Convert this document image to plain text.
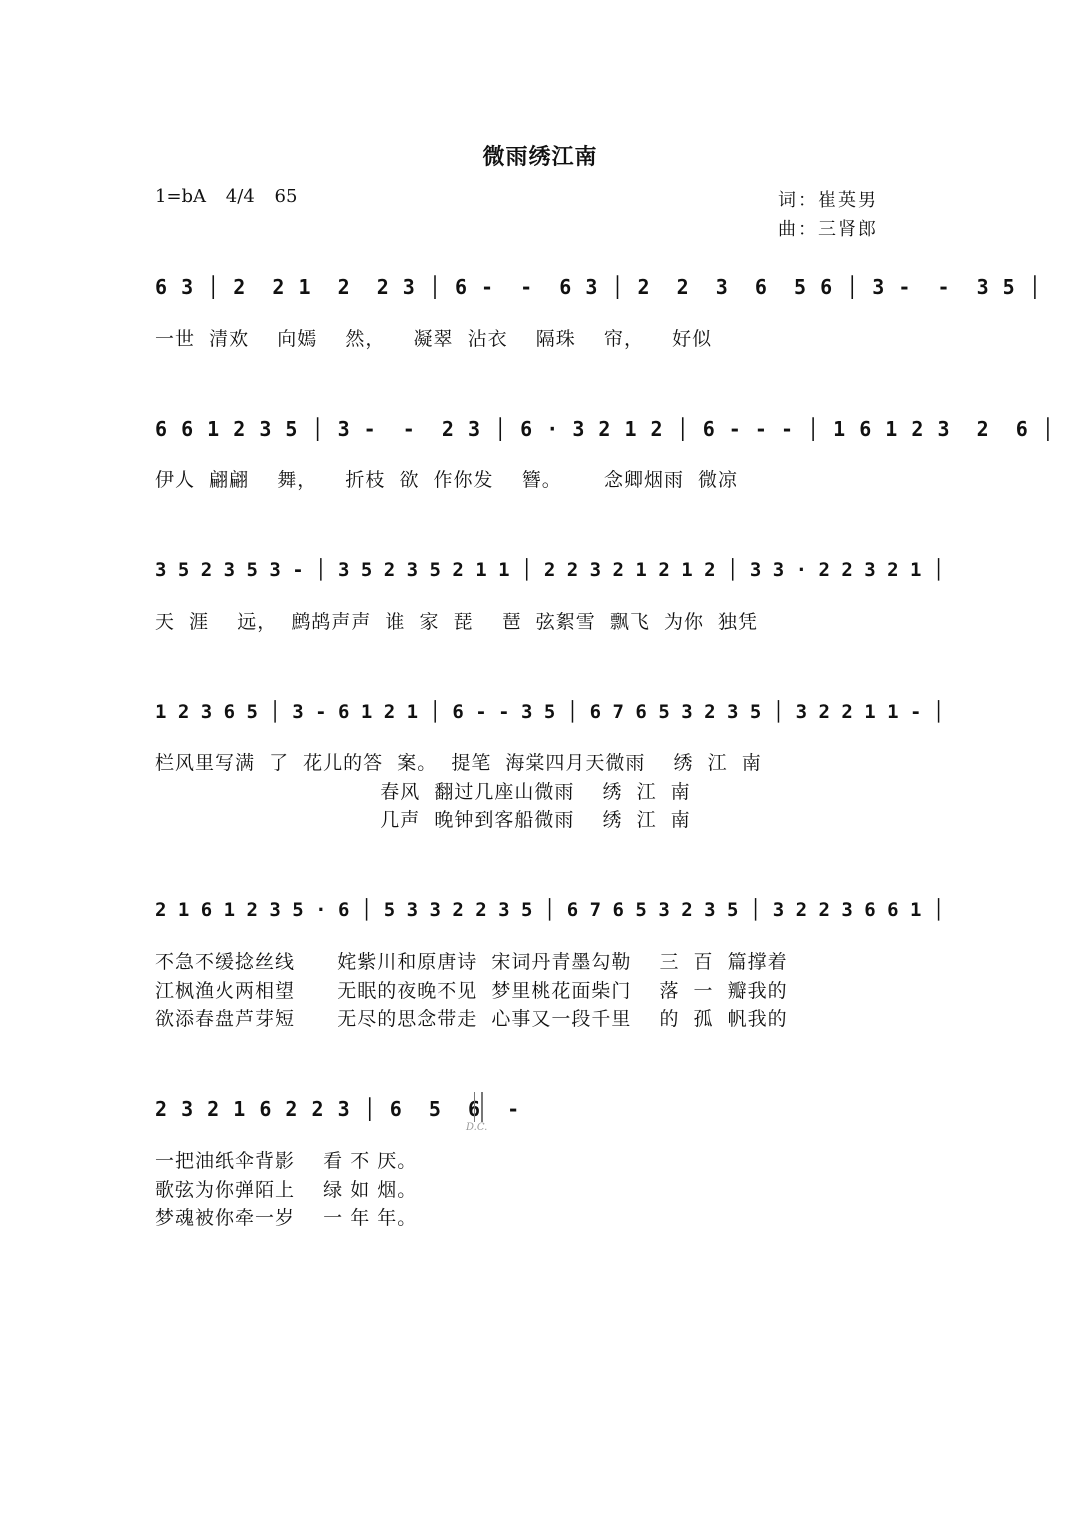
微雨绣江南
1=bA 4/4 65	词：崔英男
曲：三肾郎
6 3 │ 2  2 1  2  2 3 │ 6 -  -  6 3 │ 2  2  3  6  5 6 │ 3 -  -  3 5 │
一世  清欢    向嫣    然，    凝翠  沾衣    隔珠    帘，    好似
6 6 1 2 3 5 │ 3 -  -  2 3 │ 6 · 3 2 1 2 │ 6 - - - │ 1 6 1 2 3  2  6 │
伊人  翩翩    舞，    折枝  欲  作你发    簪。      念卿烟雨  微凉
3 5 2 3 5 3 - │ 3 5 2 3 5 2 1 1 │ 2 2 3 2 1 2 1 2 │ 3 3 · 2 2 3 2 1 │
天  涯    远，  鹧鸪声声  谁  家  琵    琶  弦絮雪  飘飞  为你  独凭
1 2 3 6 5 │ 3 - 6 1 2 1 │ 6 - - 3 5 │ 6 7 6 5 3 2 3 5 │ 3 2 2 1 1 - │
栏风里写满  了  花儿的答  案。  提笔  海棠四月天微雨    绣  江  南
春风  翻过几座山微雨    绣  江  南
几声  晚钟到客船微雨    绣  江  南
2 1 6 1 2 3 5 · 6 │ 5 3 3 2 2 3 5 │ 6 7 6 5 3 2 3 5 │ 3 2 2 3 6 6 1 │
不急不缓捻丝线      姹紫川和原唐诗  宋词丹青墨勾勒    三  百  篇撑着
江枫渔火两相望      无眠的夜晚不见  梦里桃花面柴门    落  一  瓣我的
欲添春盘芦芽短      无尽的思念带走  心事又一段千里    的  孤  帆我的
2 3 2 1 6 2 2 3 │ 6  5  6  -
D.C.
一把油纸伞背影    看 不 厌。
歌弦为你弹陌上    绿 如 烟。
梦魂被你牵一岁    一 年 年。
